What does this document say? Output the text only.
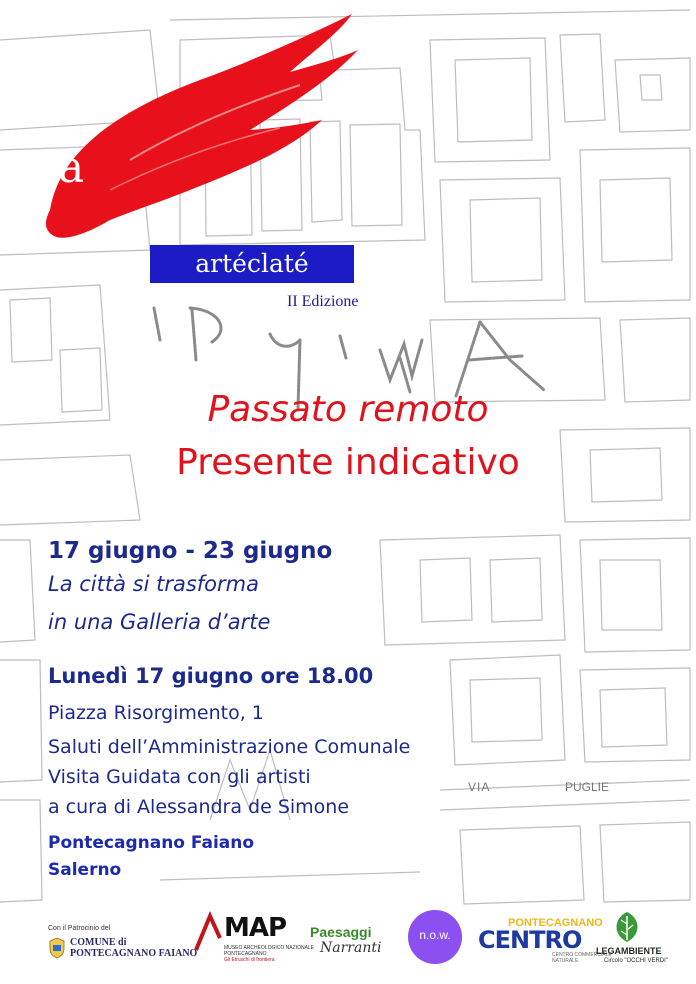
a
artéclaté
II Edizione
Passato remoto
Presente indicativo
17 giugno - 23 giugno
La città si trasforma
in una Galleria d’arte
Lunedì 17 giugno ore 18.00
Piazza Risorgimento, 1
Saluti dell’Amministrazione Comunale
Visita Guidata con gli artisti
a cura di Alessandra de Simone
Pontecagnano Faiano
Salerno
VIA	PUGLIE
Con il Patrocinio del
COMUNE di
PONTECAGNANO FAIANO
MAP
MUSEO ARCHEOLOGICO NAZIONALE
PONTECAGNANO
Gli Etruschi di frontiera
Paesaggi
Narranti
n.o.w.
PONTECAGNANO
CENTRO
CENTRO COMMERCIALE
NATURALE
LEGAMBIENTE
Circolo "OCCHI VERDI"
